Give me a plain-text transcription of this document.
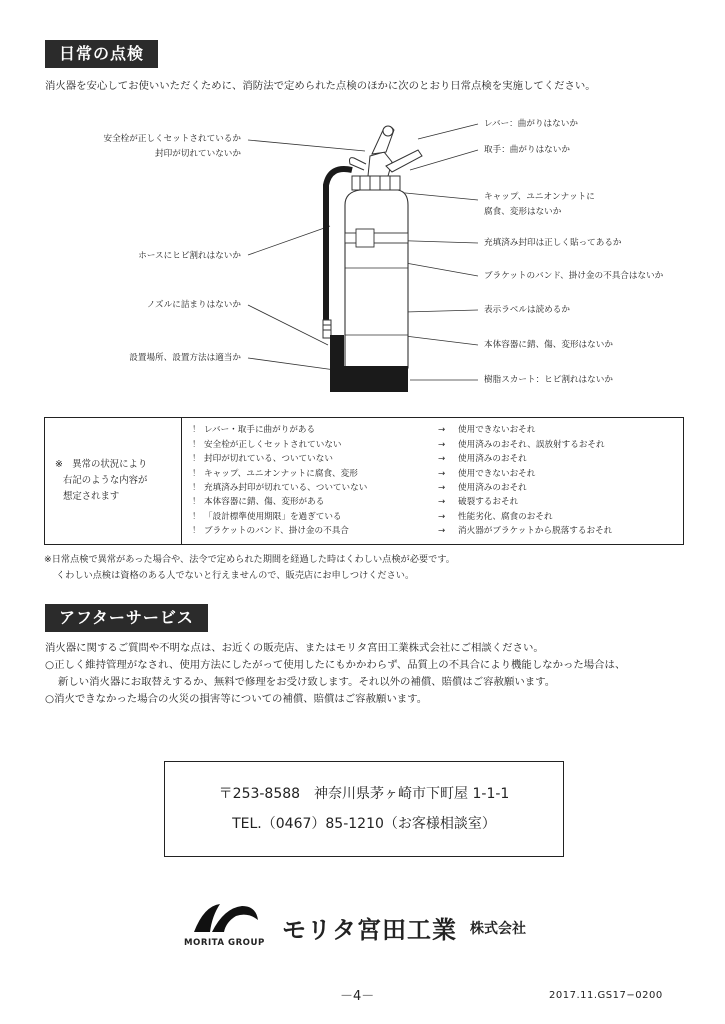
日常の点検
消火器を安心してお使いいただくために、消防法で定められた点検のほかに次のとおり日常点検を実施してください。
安全栓が正しくセットされているか
封印が切れていないか
ホースにヒビ割れはないか
ノズルに詰まりはないか
設置場所、設置方法は適当か
レバー：曲がりはないか
取手：曲がりはないか
キャップ、ユニオンナットに
腐食、変形はないか
充填済み封印は正しく貼ってあるか
ブラケットのバンド、掛け金の不具合はないか
表示ラベルは読めるか
本体容器に錆、傷、変形はないか
樹脂スカート：ヒビ割れはないか
※　異常の状況により
右記のような内容が
想定されます

！ レバー・取手に曲がりがある	→	使用できないおそれ
！ 安全栓が正しくセットされていない	→	使用済みのおそれ、誤放射するおそれ
！ 封印が切れている、ついていない	→	使用済みのおそれ
！ キャップ、ユニオンナットに腐食、変形	→	使用できないおそれ
！ 充填済み封印が切れている、ついていない	→	使用済みのおそれ
！ 本体容器に錆、傷、変形がある	→	破裂するおそれ
！ 「設計標準使用期限」を過ぎている	→	性能劣化、腐食のおそれ
！ ブラケットのバンド、掛け金の不具合	→	消火器がブラケットから脱落するおそれ
※日常点検で異常があった場合や、法令で定められた期間を経過した時はくわしい点検が必要です。
くわしい点検は資格のある人でないと行えませんので、販売店にお申しつけください。
アフターサービス
消火器に関するご質問や不明な点は、お近くの販売店、またはモリタ宮田工業株式会社にご相談ください。
○正しく維持管理がなされ、使用方法にしたがって使用したにもかかわらず、品質上の不具合により機能しなかった場合は、
新しい消火器にお取替えするか、無料で修理をお受け致します。それ以外の補償、賠償はご容赦願います。
○消火できなかった場合の火災の損害等についての補償、賠償はご容赦願います。
〒253-8588　神奈川県茅ヶ崎市下町屋 1-1-1
TEL.（0467）85-1210（お客様相談室）
MORITA GROUP モリタ宮田工業 株式会社
－4－	2017.11.GS17−0200
